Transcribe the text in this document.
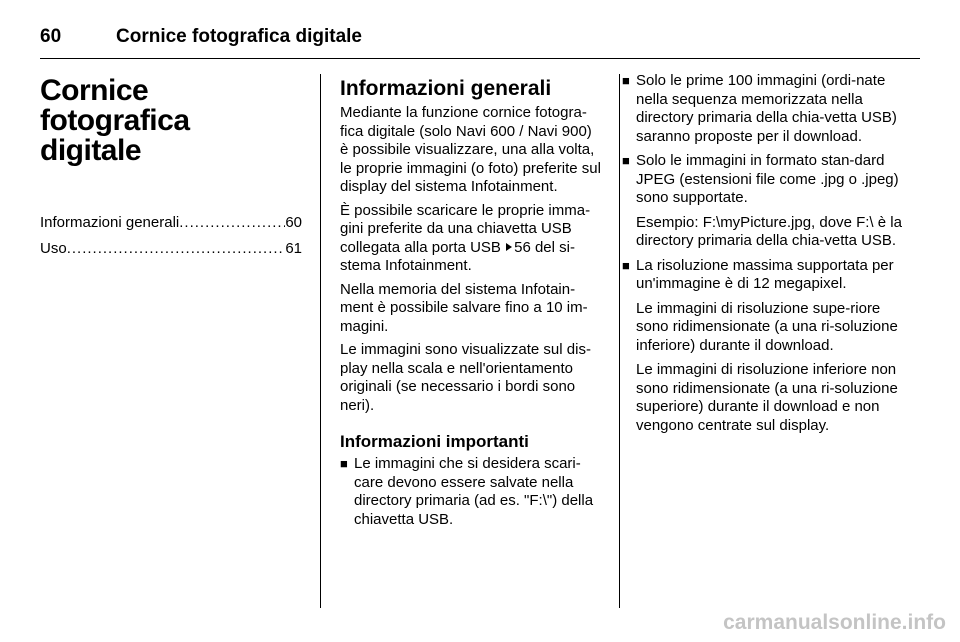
60	Cornice fotografica digitale
Cornice fotografica
digitale
Informazioni generali .....	60
Uso .....	61
Informazioni generali

Mediante la funzione cornice fotogra-fica digitale (solo Navi 600 / Navi 900) è possibile visualizzare, una alla volta, le proprie immagini (o foto) preferite sul display del sistema Infotainment.

È possibile scaricare le proprie imma-gini preferite da una chiavetta USB collegata alla porta USB 56 del si-stema Infotainment.

Nella memoria del sistema Infotain-ment è possibile salvare fino a 10 im-magini.

Le immagini sono visualizzate sul dis-play nella scala e nell'orientamento originali (se necessario i bordi sono neri).

Informazioni importanti
■ Le immagini che si desidera scari-care devono essere salvate nella directory primaria (ad es. "F:\") della chiavetta USB.

■ Solo le prime 100 immagini (ordi-nate nella sequenza memorizzata nella directory primaria della chia-vetta USB) saranno proposte per il download.

■ Solo le immagini in formato stan-dard JPEG (estensioni file come .jpg o .jpeg) sono supportate.

Esempio: F:\myPicture.jpg, dove F:\ è la directory primaria della chia-vetta USB.

■ La risoluzione massima supportata per un'immagine è di 12 megapixel.

Le immagini di risoluzione supe-riore sono ridimensionate (a una ri-soluzione inferiore) durante il download.

Le immagini di risoluzione inferiore non sono ridimensionate (a una ri-soluzione superiore) durante il download e non vengono centrate sul display.

carmanualsonline.info
